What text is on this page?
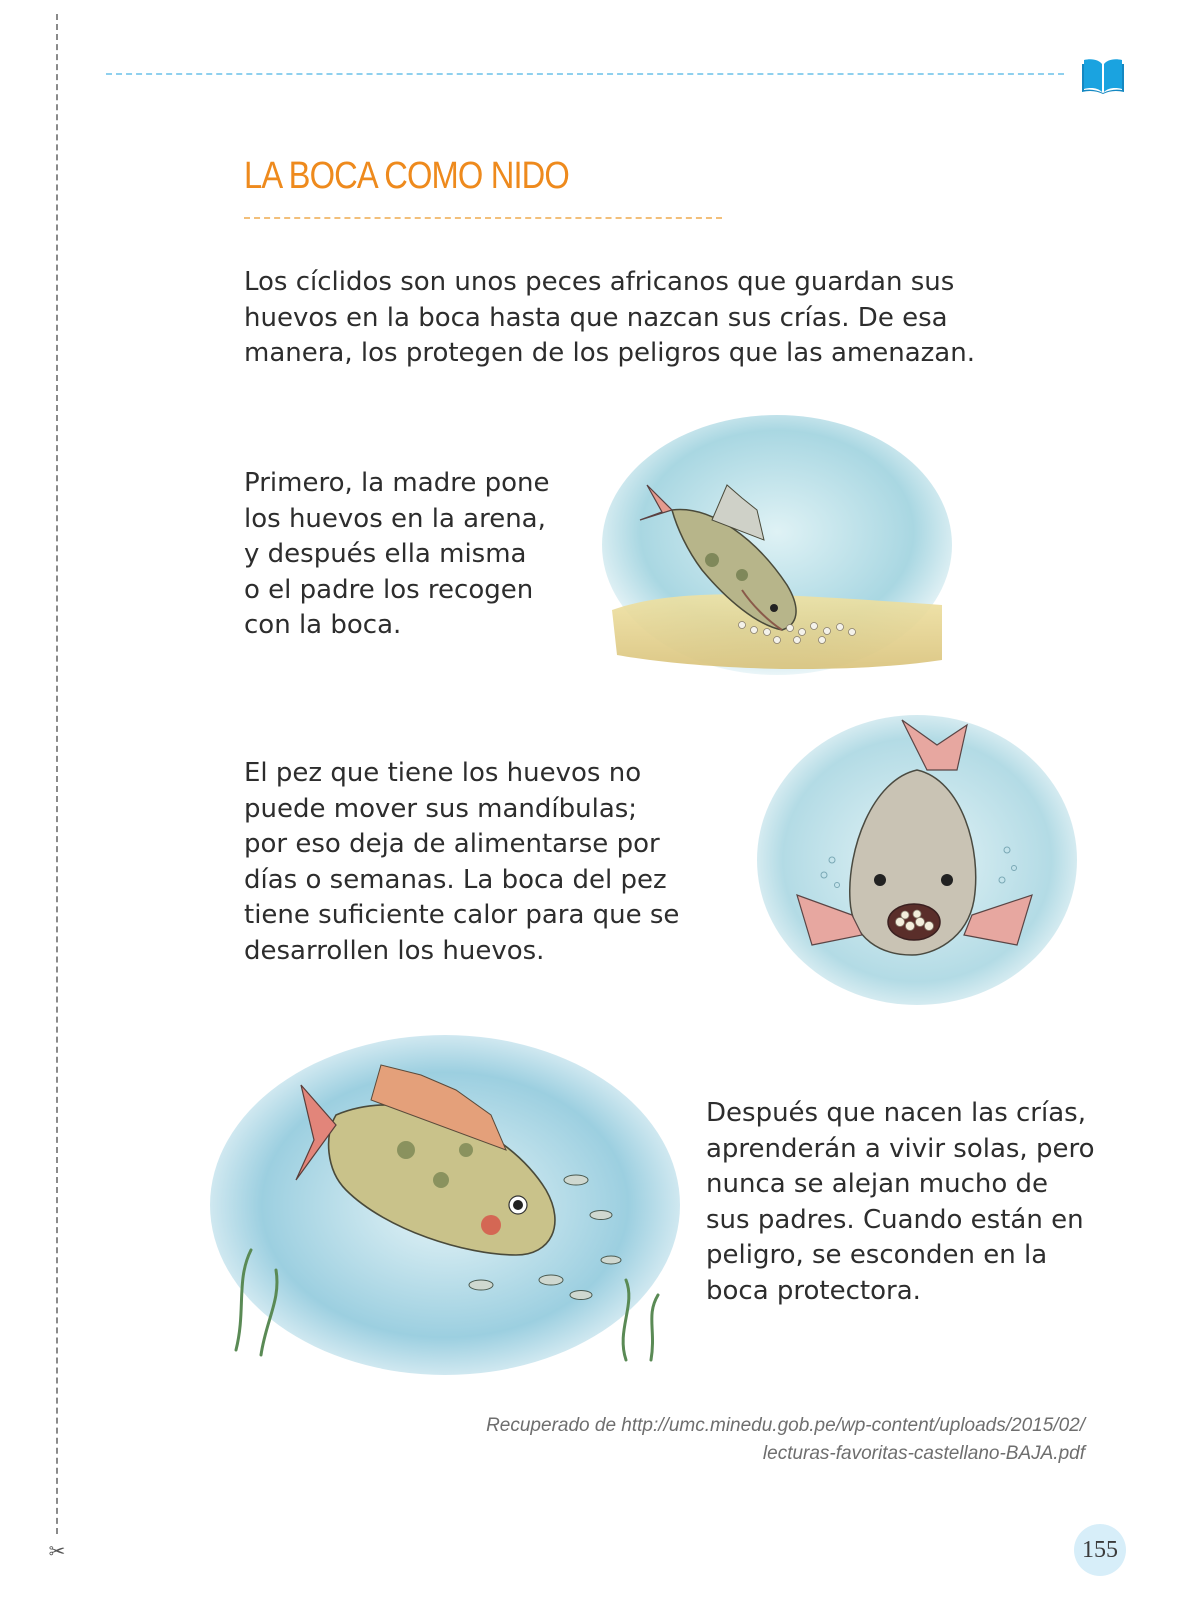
✂
LA BOCA COMO NIDO

Los cíclidos son unos peces africanos que guardan sus
huevos en la boca hasta que nazcan sus crías. De esa
manera, los protegen de los peligros que las amenazan.

Primero, la madre pone
los huevos en la arena,
y después ella misma
o el padre los recogen
con la boca.

El pez que tiene los huevos no
puede mover sus mandíbulas;
por eso deja de alimentarse por
días o semanas. La boca del pez
tiene suficiente calor para que se
desarrollen los huevos.

Después que nacen las crías,
aprenderán a vivir solas, pero
nunca se alejan mucho de
sus padres. Cuando están en
peligro, se esconden en la
boca protectora.

Recuperado de http://umc.minedu.gob.pe/wp-content/uploads/2015/02/
lecturas-favoritas-castellano-BAJA.pdf

155
